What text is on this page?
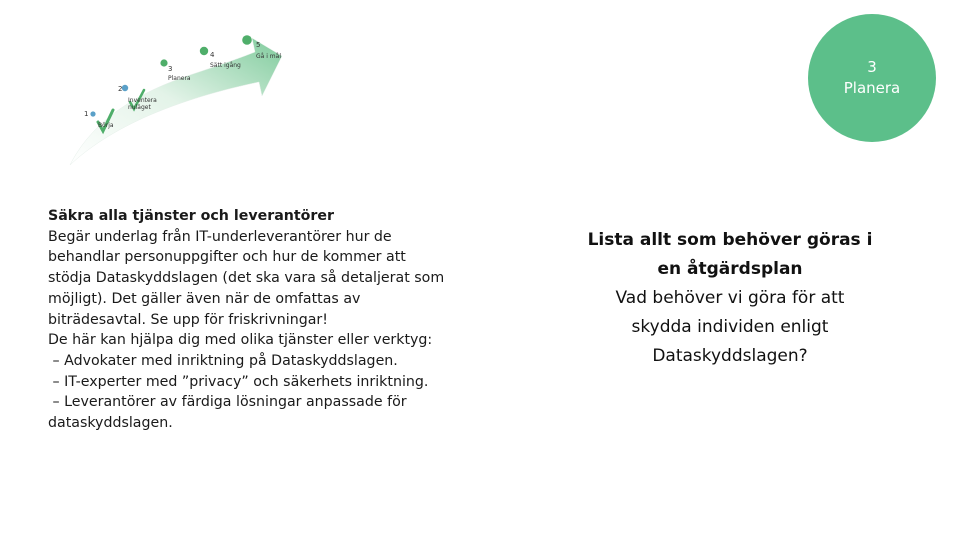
1
Börja
2
Inventera nuläget
3
Planera
4
Sätt igång
5
Gå i mål
3
Planera
Säkra alla tjänster och leverantörer
Begär underlag från IT-underleverantörer hur de
behandlar personuppgifter och hur de kommer att
stödja Dataskyddslagen (det ska vara så detaljerat som
möjligt). Det gäller även när de omfattas av
biträdesavtal. Se upp för friskrivningar!
De här kan hjälpa dig med olika tjänster eller verktyg:
– Advokater med inriktning på Dataskyddslagen.
– IT-experter med ”privacy” och säkerhets inriktning.
– Leverantörer av färdiga lösningar anpassade för
dataskyddslagen.
Lista allt som behöver göras i
en åtgärdsplan
Vad behöver vi göra för att
skydda individen enligt
Dataskyddslagen?
